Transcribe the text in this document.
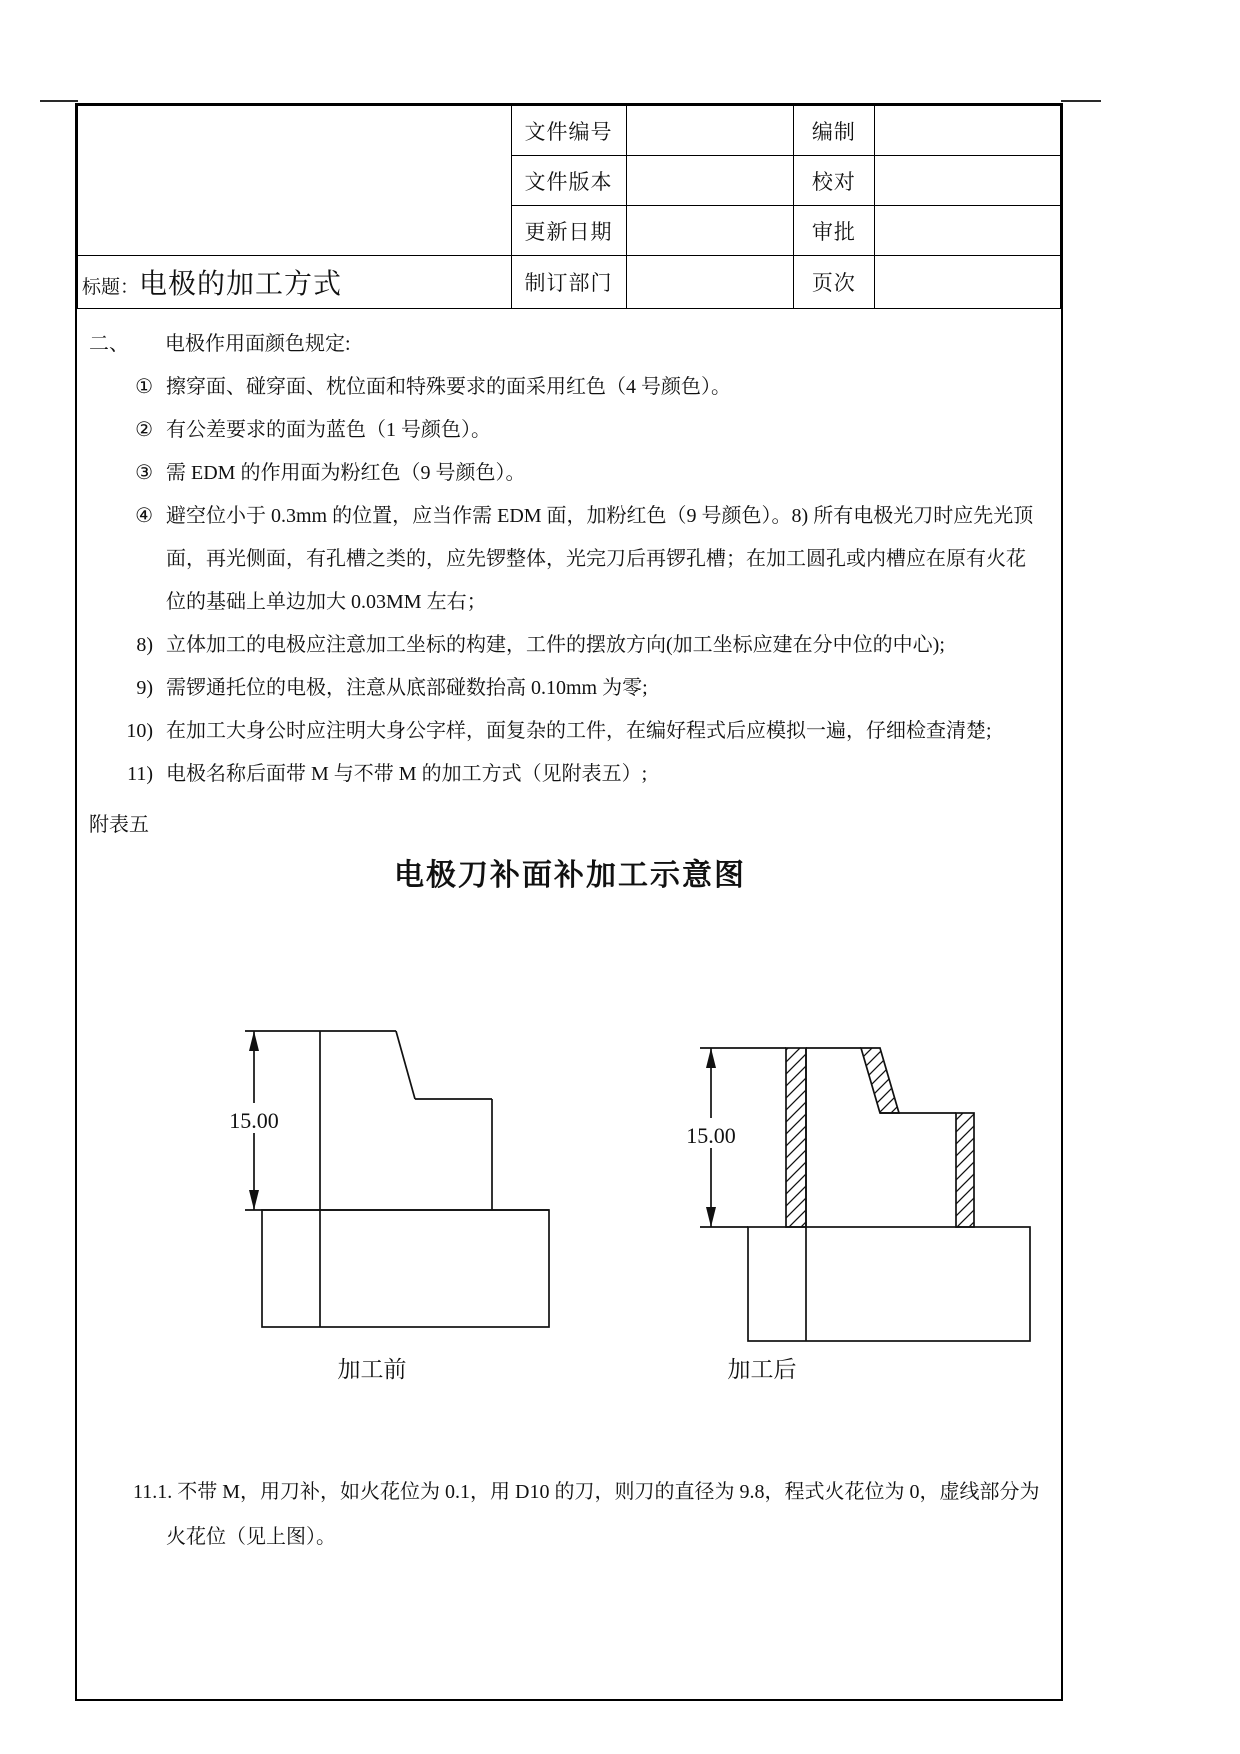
	文件编号		编制	
	文件版本		校对	
	更新日期		审批	
标题：电极的加工方式	制订部门		页次	
二、 电极作用面颜色规定:
① 擦穿面、碰穿面、枕位面和特殊要求的面采用红色（4 号颜色）。
② 有公差要求的面为蓝色（1 号颜色）。
③ 需 EDM 的作用面为粉红色（9 号颜色）。
④ 避空位小于 0.3mm 的位置，应当作需 EDM 面，加粉红色（9 号颜色）。8) 所有电极光刀时应先光顶面，再光侧面，有孔槽之类的，应先锣整体，光完刀后再锣孔槽；在加工圆孔或内槽应在原有火花位的基础上单边加大 0.03MM 左右；
8) 立体加工的电极应注意加工坐标的构建，工件的摆放方向(加工坐标应建在分中位的中心);
9) 需锣通托位的电极，注意从底部碰数抬高 0.10mm 为零;
10) 在加工大身公时应注明大身公字样，面复杂的工件，在编好程式后应模拟一遍，仔细检查清楚;
11) 电极名称后面带 M 与不带 M 的加工方式（见附表五）;
附表五
电极刀补面补加工示意图
15.00
加工前
15.00
加工后
11.1. 不带 M，用刀补，如火花位为 0.1，用 D10 的刀，则刀的直径为 9.8，程式火花位为 0，虚线部分为火花位（见上图）。
